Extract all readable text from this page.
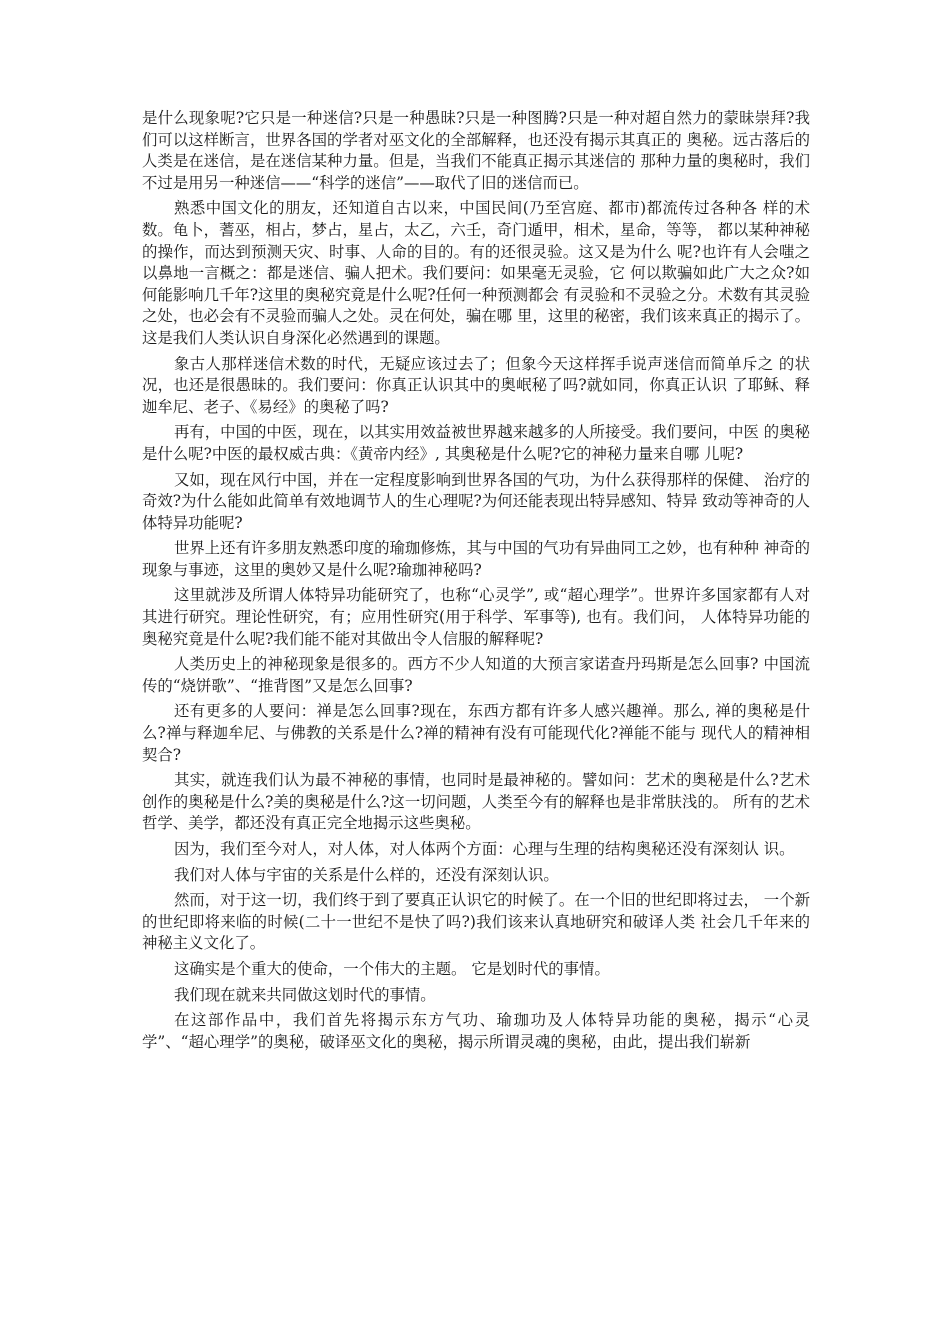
是什么现象呢?它只是一种迷信?只是一种愚昧?只是一种图腾?只是一种对超自然力的蒙昧崇拜?我们可以这样断言，世界各国的学者对巫文化的全部解释，也还没有揭示其真正的 奥秘。远古落后的人类是在迷信，是在迷信某种力量。但是，当我们不能真正揭示其迷信的 那种力量的奥秘时，我们不过是用另一种迷信——“科学的迷信”——取代了旧的迷信而已。

熟悉中国文化的朋友，还知道自古以来，中国民间(乃至宫庭、都市)都流传过各种各 样的术数。龟卜，蓍巫，相占，梦占，星占，太乙，六壬，奇门遁甲，相术，星命，等等， 都以某种神秘的操作，而达到预测天灾、时事、人命的目的。有的还很灵验。这又是为什么 呢?也许有人会嗤之以鼻地一言概之：都是迷信、骗人把术。我们要问：如果毫无灵验，它 何以欺骗如此广大之众?如何能影响几千年?这里的奥秘究竟是什么呢?任何一种预测都会 有灵验和不灵验之分。术数有其灵验之处，也必会有不灵验而骗人之处。灵在何处，骗在哪 里，这里的秘密，我们该来真正的揭示了。这是我们人类认识自身深化必然遇到的课题。

象古人那样迷信术数的时代，无疑应该过去了；但象今天这样挥手说声迷信而简单斥之 的状况，也还是很愚昧的。我们要问：你真正认识其中的奥岷秘了吗?就如同，你真正认识 了耶稣、释迦牟尼、老子、《易经》的奥秘了吗?

再有，中国的中医，现在，以其实用效益被世界越来越多的人所接受。我们要问，中医 的奥秘是什么呢?中医的最权威古典：《黄帝内经》, 其奥秘是什么呢?它的神秘力量来自哪 儿呢?

又如，现在风行中国，并在一定程度影响到世界各国的气功，为什么获得那样的保健、 治疗的奇效?为什么能如此简单有效地调节人的生心理呢?为何还能表现出特异感知、特异 致动等神奇的人体特异功能呢?

世界上还有许多朋友熟悉印度的瑜珈修炼，其与中国的气功有异曲同工之妙，也有种种 神奇的现象与事迹，这里的奥妙又是什么呢?瑜珈神秘吗?

这里就涉及所谓人体特异功能研究了，也称“心灵学”, 或“超心理学”。世界许多国家都有人对其进行研究。理论性研究，有；应用性研究(用于科学、军事等), 也有。我们问， 人体特异功能的奥秘究竟是什么呢?我们能不能对其做出令人信服的解释呢?

人类历史上的神秘现象是很多的。西方不少人知道的大预言家诺查丹玛斯是怎么回事? 中国流传的“烧饼歌”、“推背图”又是怎么回事?

还有更多的人要问：禅是怎么回事?现在，东西方都有许多人感兴趣禅。那么, 禅的奥秘是什么?禅与释迦牟尼、与佛教的关系是什么?禅的精神有没有可能现代化?禅能不能与 现代人的精神相契合?

其实，就连我们认为最不神秘的事情，也同时是最神秘的。譬如问：艺术的奥秘是什么?艺术创作的奥秘是什么?美的奥秘是什么?这一切问题，人类至今有的解释也是非常肤浅的。 所有的艺术哲学、美学，都还没有真正完全地揭示这些奥秘。

因为，我们至今对人，对人体，对人体两个方面：心理与生理的结构奥秘还没有深刻认 识。

我们对人体与宇宙的关系是什么样的，还没有深刻认识。

然而，对于这一切，我们终于到了要真正认识它的时候了。在一个旧的世纪即将过去， 一个新的世纪即将来临的时候(二十一世纪不是快了吗?)我们该来认真地研究和破译人类 社会几千年来的神秘主义文化了。

这确实是个重大的使命，一个伟大的主题。 它是划时代的事情。

我们现在就来共同做这划时代的事情。

在这部作品中，我们首先将揭示东方气功、瑜珈功及人体特异功能的奥秘，揭示“心灵学”、“超心理学”的奥秘，破译巫文化的奥秘，揭示所谓灵魂的奥秘，由此，提出我们崭新
